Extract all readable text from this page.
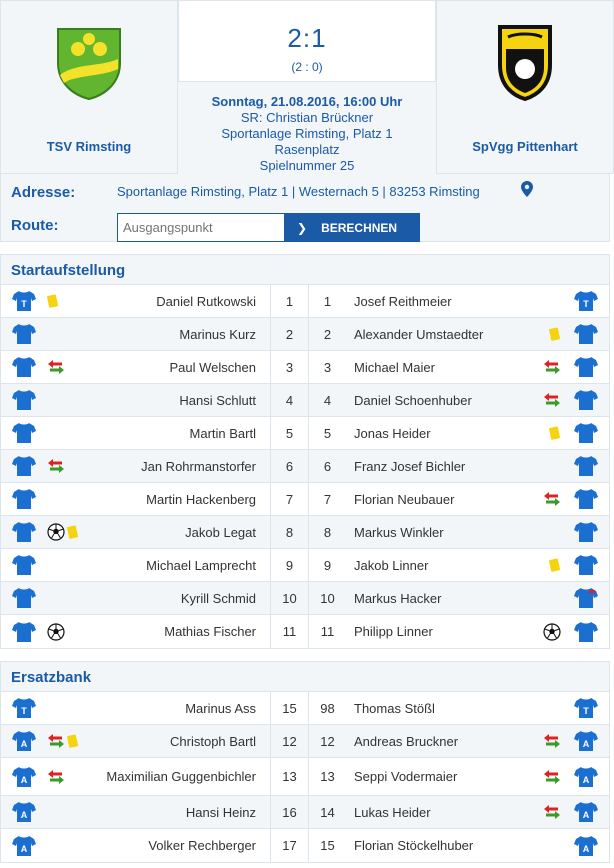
TSV Rimsting
2:1
(2 : 0)
Sonntag, 21.08.2016, 16:00 Uhr
SR: Christian Brückner
Sportanlage Rimsting, Platz 1
Rasenplatz
Spielnummer 25
SpVgg Pittenhart
Adresse:	Sportanlage Rimsting, Platz 1 | Westernach 5 | 83253 Rimsting
Route:
Ausgangspunkt	❯ BERECHNEN
Startaufstellung
T	Daniel Rutkowski	1	1	Josef Reithmeier	T
Marinus Kurz	2	2	Alexander Umstaedter
Paul Welschen	3	3	Michael Maier
Hansi Schlutt	4	4	Daniel Schoenhuber
Martin Bartl	5	5	Jonas Heider
Jan Rohrmanstorfer	6	6	Franz Josef Bichler
Martin Hackenberg	7	7	Florian Neubauer
Jakob Legat	8	8	Markus Winkler
Michael Lamprecht	9	9	Jakob Linner
Kyrill Schmid	10	10	Markus Hacker
Mathias Fischer	11	11	Philipp Linner
Ersatzbank
T	Marinus Ass	15	98	Thomas Stößl	T
A	Christoph Bartl	12	12	Andreas Bruckner	A
A	Maximilian Guggenbichler	13	13	Seppi Vodermaier	A
A	Hansi Heinz	16	14	Lukas Heider	A
A	Volker Rechberger	17	15	Florian Stöckelhuber	A
